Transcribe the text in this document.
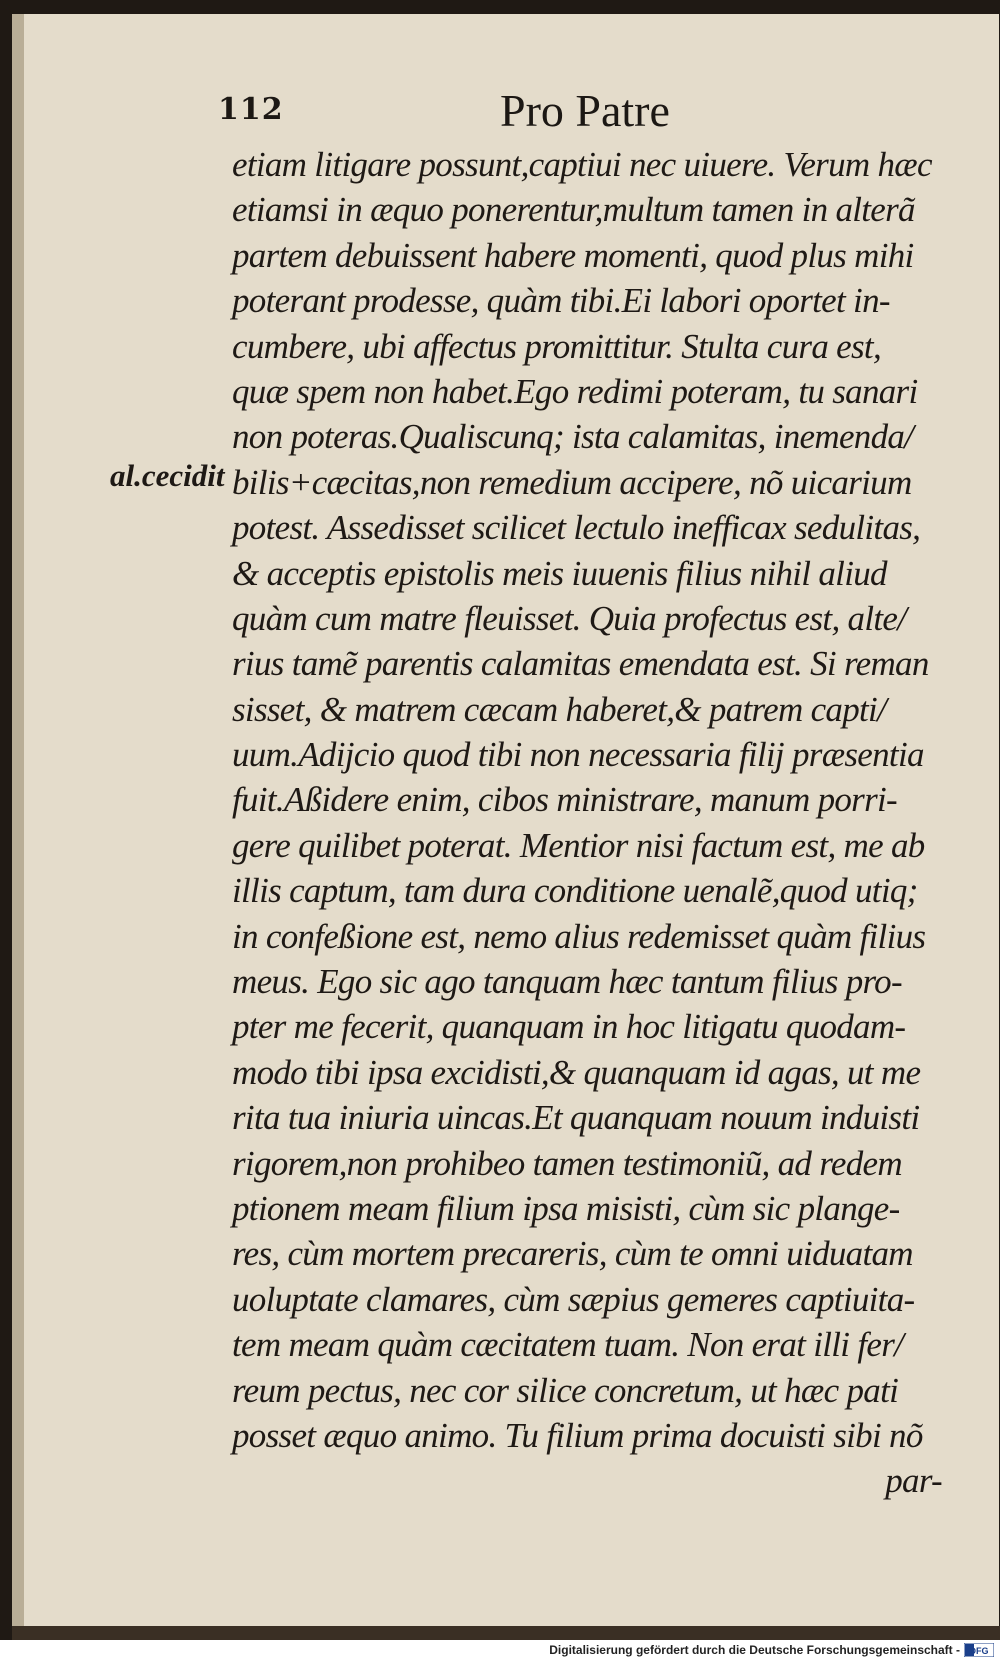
112	Pro Patre
al.cecidit
etiam litigare possunt,captiui nec uiuere. Verum hæc
etiamsi in æquo ponerentur,multum tamen in alterã
partem debuissent habere momenti, quod plus mihi
poterant prodesse, quàm tibi.Ei labori oportet in-
cumbere, ubi affectus promittitur. Stulta cura est,
quæ spem non habet.Ego redimi poteram, tu sanari
non poteras.Qualiscunq; ista calamitas, inemenda/
bilis+cæcitas,non remedium accipere, nõ uicarium
potest. Assedisset scilicet lectulo inefficax sedulitas,
& acceptis epistolis meis iuuenis filius nihil aliud
quàm cum matre fleuisset. Quia profectus est, alte/
rius tamẽ parentis calamitas emendata est. Si reman
sisset, & matrem cæcam haberet,& patrem capti/
uum.Adijcio quod tibi non necessaria filij præsentia
fuit.Aßidere enim, cibos ministrare, manum porri-
gere quilibet poterat. Mentior nisi factum est, me ab
illis captum, tam dura conditione uenalẽ,quod utiq;
in confeßione est, nemo alius redemisset quàm filius
meus. Ego sic ago tanquam hæc tantum filius pro-
pter me fecerit, quanquam in hoc litigatu quodam-
modo tibi ipsa excidisti,& quanquam id agas, ut me
rita tua iniuria uincas.Et quanquam nouum induisti
rigorem,non prohibeo tamen testimoniũ, ad redem
ptionem meam filium ipsa misisti, cùm sic plange-
res, cùm mortem precareris, cùm te omni uiduatam
uoluptate clamares, cùm sæpius gemeres captiuita-
tem meam quàm cæcitatem tuam. Non erat illi fer/
reum pectus, nec cor silice concretum, ut hæc pati
posset æquo animo. Tu filium prima docuisti sibi nõ
par-
Digitalisierung gefördert durch die Deutsche Forschungsgemeinschaft - DFG
